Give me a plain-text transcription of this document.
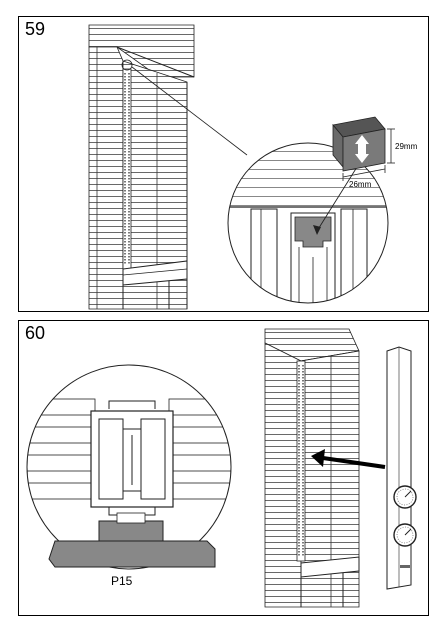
59
29mm
26mm
60
P15
